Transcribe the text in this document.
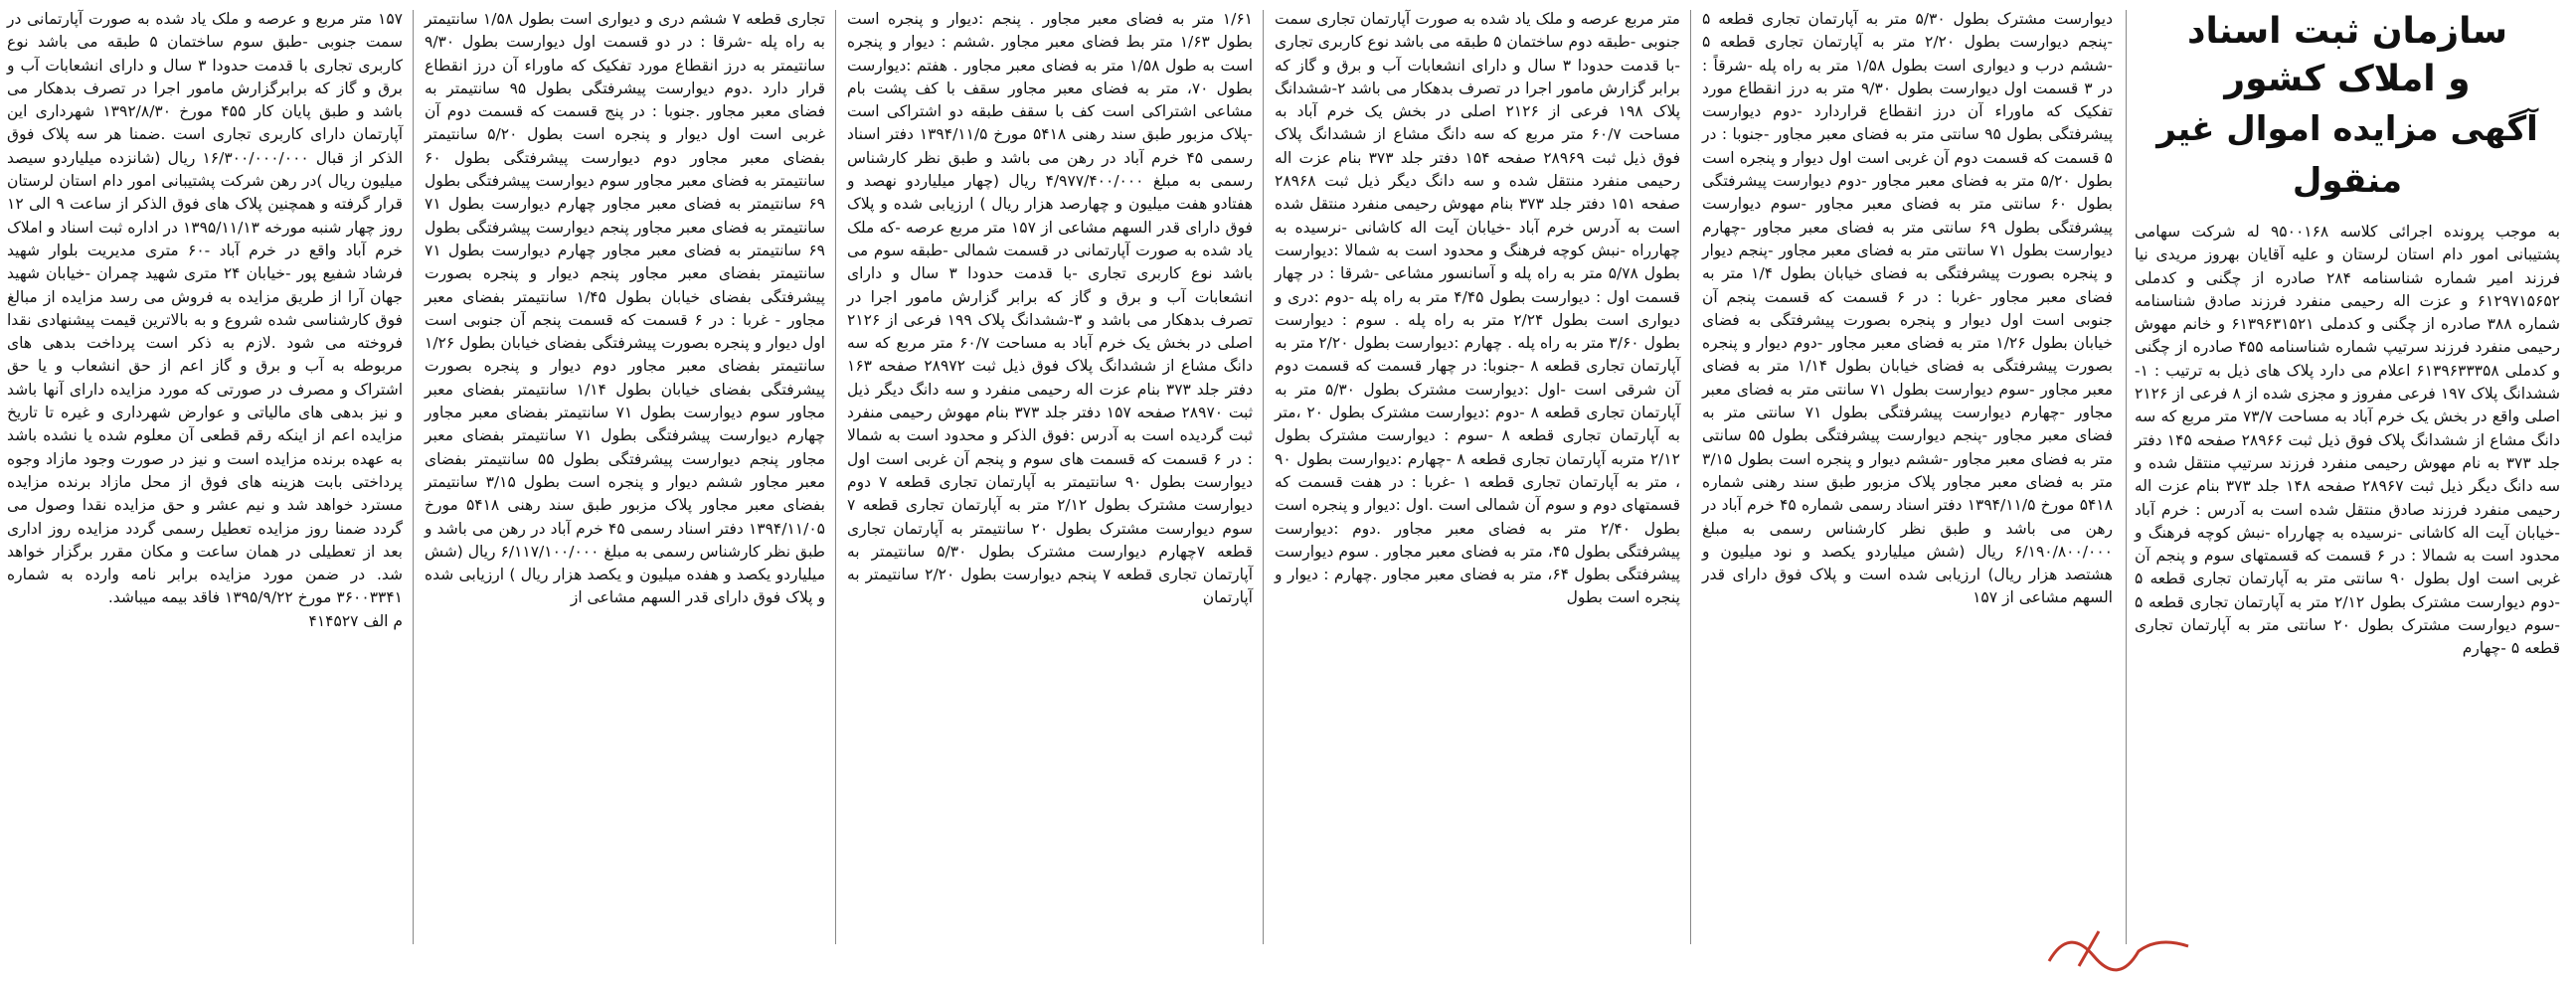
سازمان ثبت اسناد
و املاک کشور
آگهی مزایده اموال غیر منقول

به موجب پرونده اجرائی کلاسه ۹۵۰۰۱۶۸ له شرکت سهامی پشتیبانی امور دام استان لرستان و علیه آقایان بهروز مریدی نیا فرزند امیر شماره شناسنامه ۲۸۴ صادره از چگنی و کدملی ۶۱۲۹۷۱۵۶۵۲ و عزت اله رحیمی منفرد فرزند صادق شناسنامه شماره ۳۸۸ صادره از چگنی و کدملی ۶۱۳۹۶۳۱۵۲۱ و خانم مهوش رحیمی منفرد فرزند سرتیپ شماره شناسنامه ۴۵۵ صادره از چگنی و کدملی ۶۱۳۹۶۳۳۳۵۸ اعلام می دارد پلاک های ذیل به ترتیب : ۱-ششدانگ پلاک ۱۹۷ فرعی مفروز و مجزی شده از ۸ فرعی از ۲۱۲۶ اصلی واقع در بخش یک خرم آباد به مساحت ۷۳/۷ متر مربع که سه دانگ مشاع از ششدانگ پلاک فوق ذیل ثبت ۲۸۹۶۶ صفحه ۱۴۵ دفتر جلد ۳۷۳ به نام مهوش رحیمی منفرد فرزند سرتیپ منتقل شده و سه دانگ دیگر ذیل ثبت ۲۸۹۶۷ صفحه ۱۴۸ جلد ۳۷۳ بنام عزت اله رحیمی منفرد فرزند صادق منتقل شده است به آدرس : خرم آباد -خیابان آیت اله کاشانی -نرسیده به چهارراه -نبش کوچه فرهنگ و محدود است به شمالا : در ۶ قسمت که قسمتهای سوم و پنجم آن غربی است اول بطول ۹۰ سانتی متر به آپارتمان تجاری قطعه ۵ -دوم دیوارست مشترک بطول ۲/۱۲ متر به آپارتمان تجاری قطعه ۵ -سوم دیوارست مشترک بطول ۲۰ سانتی متر به آپارتمان تجاری قطعه ۵ -چهارم

دیوارست مشترک بطول ۵/۳۰ متر به آپارتمان تجاری قطعه ۵ -پنجم دیوارست بطول ۲/۲۰ متر به آپارتمان تجاری قطعه ۵ -ششم درب و دیواری است بطول ۱/۵۸ متر به راه پله -شرقاً : در ۳ قسمت اول دیوارست بطول ۹/۳۰ متر به درز انقطاع مورد تفکیک که ماوراء آن درز انقطاع قراردارد -دوم دیوارست پیشرفتگی بطول ۹۵ سانتی متر به فضای معبر مجاور -جنوبا : در ۵ قسمت که قسمت دوم آن غربی است اول دیوار و پنجره است بطول ۵/۲۰ متر به فضای معبر مجاور -دوم دیوارست پیشرفتگی بطول ۶۰ سانتی متر به فضای معبر مجاور -سوم دیوارست پیشرفتگی بطول ۶۹ سانتی متر به فضای معبر مجاور -چهارم دیوارست بطول ۷۱ سانتی متر به فضای معبر مجاور -پنجم دیوار و پنجره بصورت پیشرفتگی به فضای خیابان بطول ۱/۴ متر به فضای معبر مجاور -غربا : در ۶ قسمت که قسمت پنجم آن جنوبی است اول دیوار و پنجره بصورت پیشرفتگی به فضای خیابان بطول ۱/۲۶ متر به فضای معبر مجاور -دوم دیوار و پنجره بصورت پیشرفتگی به فضای خیابان بطول ۱/۱۴ متر به فضای معبر مجاور -سوم دیوارست بطول ۷۱ سانتی متر به فضای معبر مجاور -چهارم دیوارست پیشرفتگی بطول ۷۱ سانتی متر به فضای معبر مجاور -پنجم دیوارست پیشرفتگی بطول ۵۵ سانتی متر به فضای معبر مجاور -ششم دیوار و پنجره است بطول ۳/۱۵ متر به فضای معبر مجاور پلاک مزبور طبق سند رهنی شماره ۵۴۱۸ مورخ ۱۳۹۴/۱۱/۵ دفتر اسناد رسمی شماره ۴۵ خرم آباد در رهن می باشد و طبق نظر کارشناس رسمی به مبلغ ۶/۱۹۰/۸۰۰/۰۰۰ ریال (شش میلیاردو یکصد و نود میلیون و هشتصد هزار ریال) ارزیابی شده است و پلاک فوق دارای قدر السهم مشاعی از ۱۵۷

متر مربع عرصه و ملک یاد شده به صورت آپارتمان تجاری سمت جنوبی -طبقه دوم ساختمان ۵ طبقه می باشد نوع کاربری تجاری -با قدمت حدودا ۳ سال و دارای انشعابات آب و برق و گاز که برابر گزارش مامور اجرا در تصرف بدهکار می باشد ۲-ششدانگ پلاک ۱۹۸ فرعی از ۲۱۲۶ اصلی در بخش یک خرم آباد به مساحت ۶۰/۷ متر مربع که سه دانگ مشاع از ششدانگ پلاک فوق ذیل ثبت ۲۸۹۶۹ صفحه ۱۵۴ دفتر جلد ۳۷۳ بنام عزت اله رحیمی منفرد منتقل شده و سه دانگ دیگر ذیل ثبت ۲۸۹۶۸ صفحه ۱۵۱ دفتر جلد ۳۷۳ بنام مهوش رحیمی منفرد منتقل شده است به آدرس خرم آباد -خیابان آیت اله کاشانی -نرسیده به چهارراه -نبش کوچه فرهنگ و محدود است به شمالا :دیوارست بطول ۵/۷۸ متر به راه پله و آسانسور مشاعی -شرقا : در چهار قسمت اول : دیوارست بطول ۴/۴۵ متر به راه پله -دوم :دری و دیواری است بطول ۲/۲۴ متر به راه پله . سوم : دیوارست بطول ۳/۶۰ متر به راه پله . چهارم :دیوارست بطول ۲/۲۰ متر به آپارتمان تجاری قطعه ۸ -جنوبا: در چهار قسمت که قسمت دوم آن شرقی است -اول :دیوارست مشترک بطول ۵/۳۰ متر به آپارتمان تجاری قطعه ۸ -دوم :دیوارست مشترک بطول ۲۰ ،متر به آپارتمان تجاری قطعه ۸ -سوم : دیوارست مشترک بطول ۲/۱۲ متربه آپارتمان تجاری قطعه ۸ -چهارم :دیوارست بطول ۹۰ ، متر به آپارتمان تجاری قطعه ۱ -غربا : در هفت قسمت که قسمتهای دوم و سوم آن شمالی است .اول :دیوار و پنجره است بطول ۲/۴۰ متر به فضای معبر مجاور .دوم :دیوارست پیشرفتگی بطول ۴۵، متر به فضای معبر مجاور . سوم دیوارست پیشرفتگی بطول ۶۴، متر به فضای معبر مجاور .چهارم : دیوار و پنجره است بطول

۱/۶۱ متر به فضای معبر مجاور . پنجم :دیوار و پنجره است بطول ۱/۶۳ متر بط فضای معبر مجاور .ششم : دیوار و پنجره است به طول ۱/۵۸ متر به فضای معبر مجاور . هفتم :دیوارست بطول ۷۰، متر به فضای معبر مجاور سقف با کف پشت بام مشاعی اشتراکی است کف با سقف طبقه دو اشتراکی است -پلاک مزبور طبق سند رهنی ۵۴۱۸ مورخ ۱۳۹۴/۱۱/۵ دفتر اسناد رسمی ۴۵ خرم آباد در رهن می باشد و طبق نظر کارشناس رسمی به مبلغ ۴/۹۷۷/۴۰۰/۰۰۰ ریال (چهار میلیاردو نهصد و هفتادو هفت میلیون و چهارصد هزار ریال ) ارزیابی شده و پلاک فوق دارای قدر السهم مشاعی از ۱۵۷ متر مربع عرصه -که ملک یاد شده به صورت آپارتمانی در قسمت شمالی -طبقه سوم می باشد نوع کاربری تجاری -با قدمت حدودا ۳ سال و دارای انشعابات آب و برق و گاز که برابر گزارش مامور اجرا در تصرف بدهکار می باشد و ۳-ششدانگ پلاک ۱۹۹ فرعی از ۲۱۲۶ اصلی در بخش یک خرم آباد به مساحت ۶۰/۷ متر مربع که سه دانگ مشاع از ششدانگ پلاک فوق ذیل ثبت ۲۸۹۷۲ صفحه ۱۶۳ دفتر جلد ۳۷۳ بنام عزت اله رحیمی منفرد و سه دانگ دیگر ذیل ثبت ۲۸۹۷۰ صفحه ۱۵۷ دفتر جلد ۳۷۳ بنام مهوش رحیمی منفرد ثبت گردیده است به آدرس :فوق الذکر و محدود است به شمالا : در ۶ قسمت که قسمت های سوم و پنجم آن غربی است اول دیوارست بطول ۹۰ سانتیمتر به آپارتمان تجاری قطعه ۷ دوم دیوارست مشترک بطول ۲/۱۲ متر به آپارتمان تجاری قطعه ۷ سوم دیوارست مشترک بطول ۲۰ سانتیمتر به آپارتمان تجاری قطعه ۷چهارم دیوارست مشترک بطول ۵/۳۰ سانتیمتر به آپارتمان تجاری قطعه ۷ پنجم دیوارست بطول ۲/۲۰ سانتیمتر به آپارتمان

تجاری قطعه ۷ ششم دری و دیواری است بطول ۱/۵۸ سانتیمتر به راه پله -شرقا : در دو قسمت اول دیوارست بطول ۹/۳۰ سانتیمتر به درز انقطاع مورد تفکیک که ماوراء آن درز انقطاع قرار دارد .دوم دیوارست پیشرفتگی بطول ۹۵ سانتیمتر به فضای معبر مجاور .جنوبا : در پنج قسمت که قسمت دوم آن غربی است اول دیوار و پنجره است بطول ۵/۲۰ سانتیمتر بفضای معبر مجاور دوم دیوارست پیشرفتگی بطول ۶۰ سانتیمتر به فضای معبر مجاور سوم دیوارست پیشرفتگی بطول ۶۹ سانتیمتر به فضای معبر مجاور چهارم دیوارست بطول ۷۱ سانتیمتر به فضای معبر مجاور پنجم دیوارست پیشرفتگی بطول ۶۹ سانتیمتر به فضای معبر مجاور چهارم دیوارست بطول ۷۱ سانتیمتر بفضای معبر مجاور پنجم دیوار و پنجره بصورت پیشرفتگی بفضای خیابان بطول ۱/۴۵ سانتیمتر بفضای معبر مجاور - غربا : در ۶ قسمت که قسمت پنجم آن جنوبی است اول دیوار و پنجره بصورت پیشرفتگی بفضای خیابان بطول ۱/۲۶ سانتیمتر بفضای معبر مجاور دوم دیوار و پنجره بصورت پیشرفتگی بفضای خیابان بطول ۱/۱۴ سانتیمتر بفضای معبر مجاور سوم دیوارست بطول ۷۱ سانتیمتر بفضای معبر مجاور چهارم دیوارست پیشرفتگی بطول ۷۱ سانتیمتر بفضای معبر مجاور پنجم دیوارست پیشرفتگی بطول ۵۵ سانتیمتر بفضای معبر مجاور ششم دیوار و پنجره است بطول ۳/۱۵ سانتیمتر بفضای معبر مجاور پلاک مزبور طبق سند رهنی ۵۴۱۸ مورخ ۱۳۹۴/۱۱/۰۵ دفتر اسناد رسمی ۴۵ خرم آباد در رهن می باشد و طبق نظر کارشناس رسمی به مبلغ ۶/۱۱۷/۱۰۰/۰۰۰ ریال (شش میلیاردو یکصد و هفده میلیون و یکصد هزار ریال ) ارزیابی شده و پلاک فوق دارای قدر السهم مشاعی از

۱۵۷ متر مربع و عرصه و ملک یاد شده به صورت آپارتمانی در سمت جنوبی -طبق سوم ساختمان ۵ طبقه می باشد نوع کاربری تجاری با قدمت حدودا ۳ سال و دارای انشعابات آب و برق و گاز که برابرگزارش مامور اجرا در تصرف بدهکار می باشد و طبق پایان کار ۴۵۵ مورخ ۱۳۹۲/۸/۳۰ شهرداری این آپارتمان دارای کاربری تجاری است .ضمنا هر سه پلاک فوق الذکر از قبال ۱۶/۳۰۰/۰۰۰/۰۰۰ ریال (شانزده میلیاردو سیصد میلیون ریال )در رهن شرکت پشتیبانی امور دام استان لرستان قرار گرفته و همچنین پلاک های فوق الذکر از ساعت ۹ الی ۱۲ روز چهار شنبه مورخه ۱۳۹۵/۱۱/۱۳ در اداره ثبت اسناد و املاک خرم آباد واقع در خرم آباد -۶۰ متری مدیریت بلوار شهید فرشاد شفیع پور -خیابان ۲۴ متری شهید چمران -خیابان شهید جهان آرا از طریق مزایده به فروش می رسد مزایده از مبالغ فوق کارشناسی شده شروع و به بالاترین قیمت پیشنهادی نقدا فروخته می شود .لازم به ذکر است پرداخت بدهی های مربوطه به آب و برق و گاز اعم از حق انشعاب و یا حق اشتراک و مصرف در صورتی که مورد مزایده دارای آنها باشد و نیز بدهی های مالیاتی و عوارض شهرداری و غیره تا تاریخ مزایده اعم از اینکه رقم قطعی آن معلوم شده یا نشده باشد به عهده برنده مزایده است و نیز در صورت وجود مازاد وجوه پرداختی بابت هزینه های فوق از محل مازاد برنده مزایده مسترد خواهد شد و نیم عشر و حق مزایده نقدا وصول می گردد ضمنا روز مزایده تعطیل رسمی گردد مزایده روز اداری بعد از تعطیلی در همان ساعت و مکان مقرر برگزار خواهد شد. در ضمن مورد مزایده برابر نامه وارده به شماره ۳۶۰۰۳۳۴۱ مورخ ۱۳۹۵/۹/۲۲ فاقد بیمه میباشد.

م الف ۴۱۴۵۲۷
